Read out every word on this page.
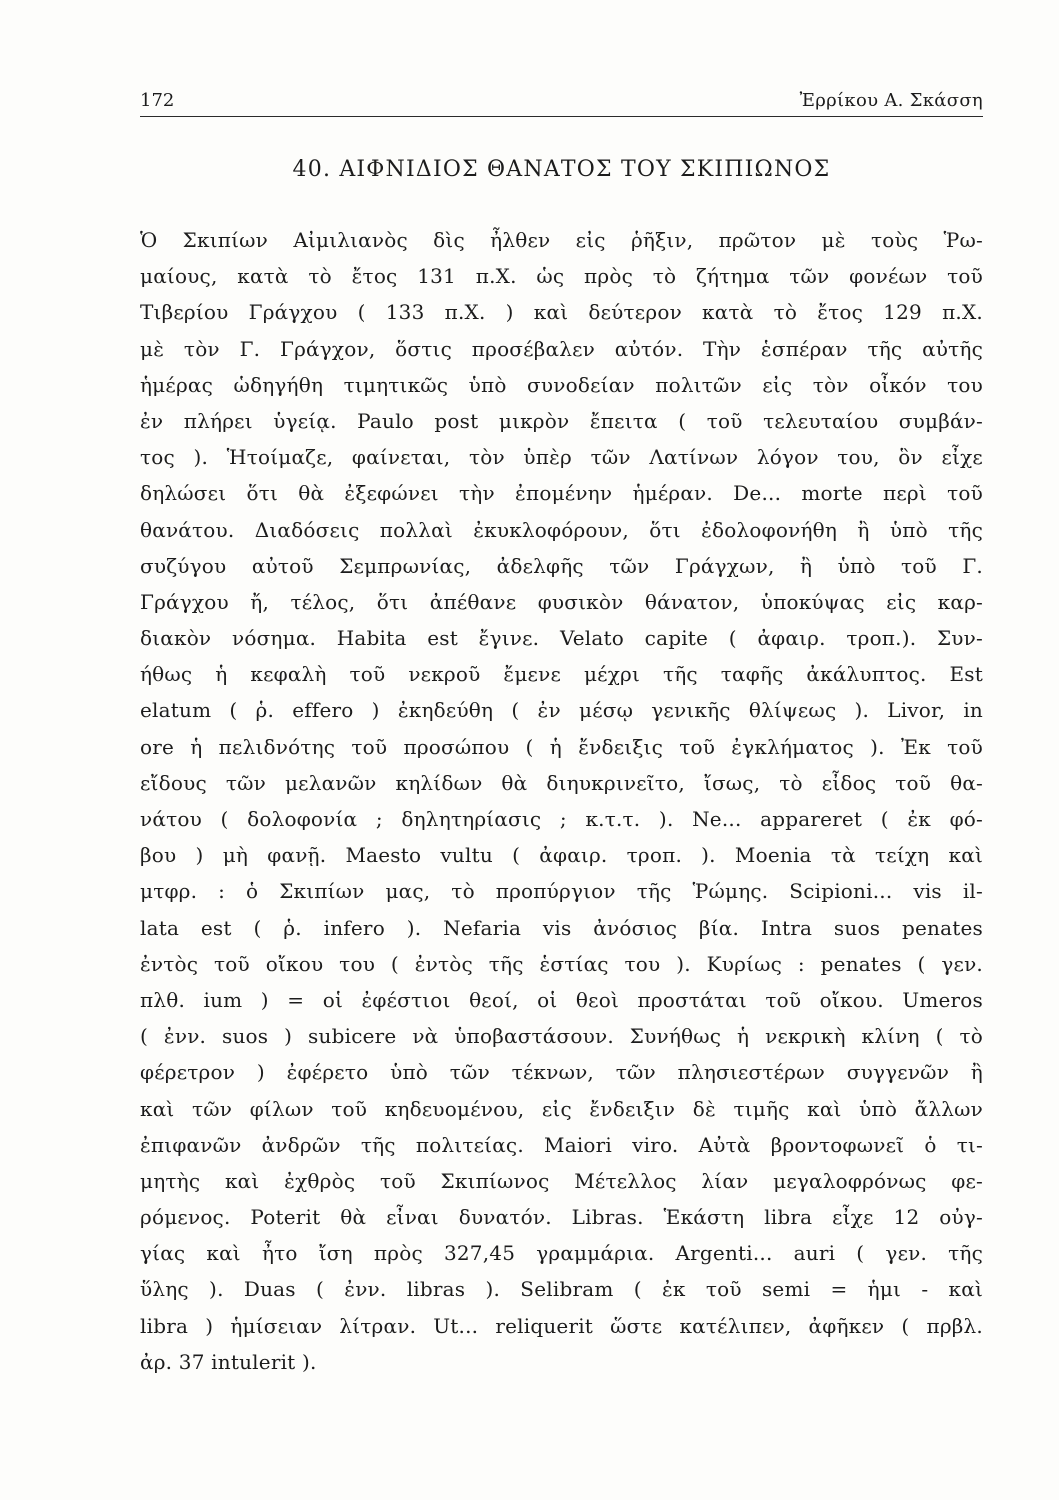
172	Ἐρρίκου Α. Σκάσση
40. ΑΙΦΝΙΔΙΟΣ ΘΑΝΑΤΟΣ ΤΟΥ ΣΚΙΠΙΩΝΟΣ
Ὁ Σκιπίων Αἰμιλιανὸς δὶς ἦλθεν εἰς ῥῆξιν, πρῶτον μὲ τοὺς Ῥω-
μαίους, κατὰ τὸ ἔτος 131 π.Χ. ὡς πρὸς τὸ ζήτημα τῶν φονέων τοῦ
Τιβερίου Γράγχου ( 133 π.Χ. ) καὶ δεύτερον κατὰ τὸ ἔτος 129 π.Χ.
μὲ τὸν Γ. Γράγχον, ὅστις προσέβαλεν αὐτόν. Τὴν ἑσπέραν τῆς αὐτῆς
ἡμέρας ὡδηγήθη τιμητικῶς ὑπὸ συνοδείαν πολιτῶν εἰς τὸν οἶκόν του
ἐν πλήρει ὑγείᾳ. Paulo post μικρὸν ἔπειτα ( τοῦ τελευταίου συμβάν-
τος ). Ἡτοίμαζε, φαίνεται, τὸν ὑπὲρ τῶν Λατίνων λόγον του, ὃν εἶχε
δηλώσει ὅτι θὰ ἐξεφώνει τὴν ἐπομένην ἡμέραν. De... morte περὶ τοῦ
θανάτου. Διαδόσεις πολλαὶ ἐκυκλοφόρουν, ὅτι ἐδολοφονήθη ἢ ὑπὸ τῆς
συζύγου αὐτοῦ Σεμπρωνίας, ἀδελφῆς τῶν Γράγχων, ἢ ὑπὸ τοῦ Γ.
Γράγχου ἤ, τέλος, ὅτι ἀπέθανε φυσικὸν θάνατον, ὑποκύψας εἰς καρ-
διακὸν νόσημα. Habita est ἔγινε. Velato capite ( ἀφαιρ. τροπ.). Συν-
ήθως ἡ κεφαλὴ τοῦ νεκροῦ ἔμενε μέχρι τῆς ταφῆς ἀκάλυπτος. Est
elatum ( ῥ. effero ) ἐκηδεύθη ( ἐν μέσῳ γενικῆς θλίψεως ). Livor, in
ore ἡ πελιδνότης τοῦ προσώπου ( ἡ ἔνδειξις τοῦ ἐγκλήματος ). Ἐκ τοῦ
εἴδους τῶν μελανῶν κηλίδων θὰ διηυκρινεῖτο, ἴσως, τὸ εἶδος τοῦ θα-
νάτου ( δολοφονία ; δηλητηρίασις ; κ.τ.τ. ). Ne... appareret ( ἐκ φό-
βου ) μὴ φανῇ. Maesto vultu ( ἀφαιρ. τροπ. ). Moenia τὰ τείχη καὶ
μτφρ. : ὁ Σκιπίων μας, τὸ προπύργιον τῆς Ῥώμης. Scipioni... vis il-
lata est ( ῥ. infero ). Nefaria vis ἀνόσιος βία. Intra suos penates
ἐντὸς τοῦ οἴκου του ( ἐντὸς τῆς ἑστίας του ). Κυρίως : penates ( γεν.
πλθ. ium ) = οἱ ἐφέστιοι θεοί, οἱ θεοὶ προστάται τοῦ οἴκου. Umeros
( ἐνν. suos ) subicere νὰ ὑποβαστάσουν. Συνήθως ἡ νεκρικὴ κλίνη ( τὸ
φέρετρον ) ἐφέρετο ὑπὸ τῶν τέκνων, τῶν πλησιεστέρων συγγενῶν ἢ
καὶ τῶν φίλων τοῦ κηδευομένου, εἰς ἔνδειξιν δὲ τιμῆς καὶ ὑπὸ ἄλλων
ἐπιφανῶν ἀνδρῶν τῆς πολιτείας. Maiori viro. Αὐτὰ βροντοφωνεῖ ὁ τι-
μητὴς καὶ ἐχθρὸς τοῦ Σκιπίωνος Μέτελλος λίαν μεγαλοφρόνως φε-
ρόμενος. Poterit θὰ εἶναι δυνατόν. Libras. Ἑκάστη libra εἶχε 12 οὐγ-
γίας καὶ ἦτο ἴση πρὸς 327,45 γραμμάρια. Argenti... auri ( γεν. τῆς
ὕλης ). Duas ( ἐνν. libras ). Selibram ( ἐκ τοῦ semi = ἡμι - καὶ
libra ) ἡμίσειαν λίτραν. Ut... reliquerit ὥστε κατέλιπεν, ἀφῆκεν ( πρβλ.
ἀρ. 37 intulerit ).
